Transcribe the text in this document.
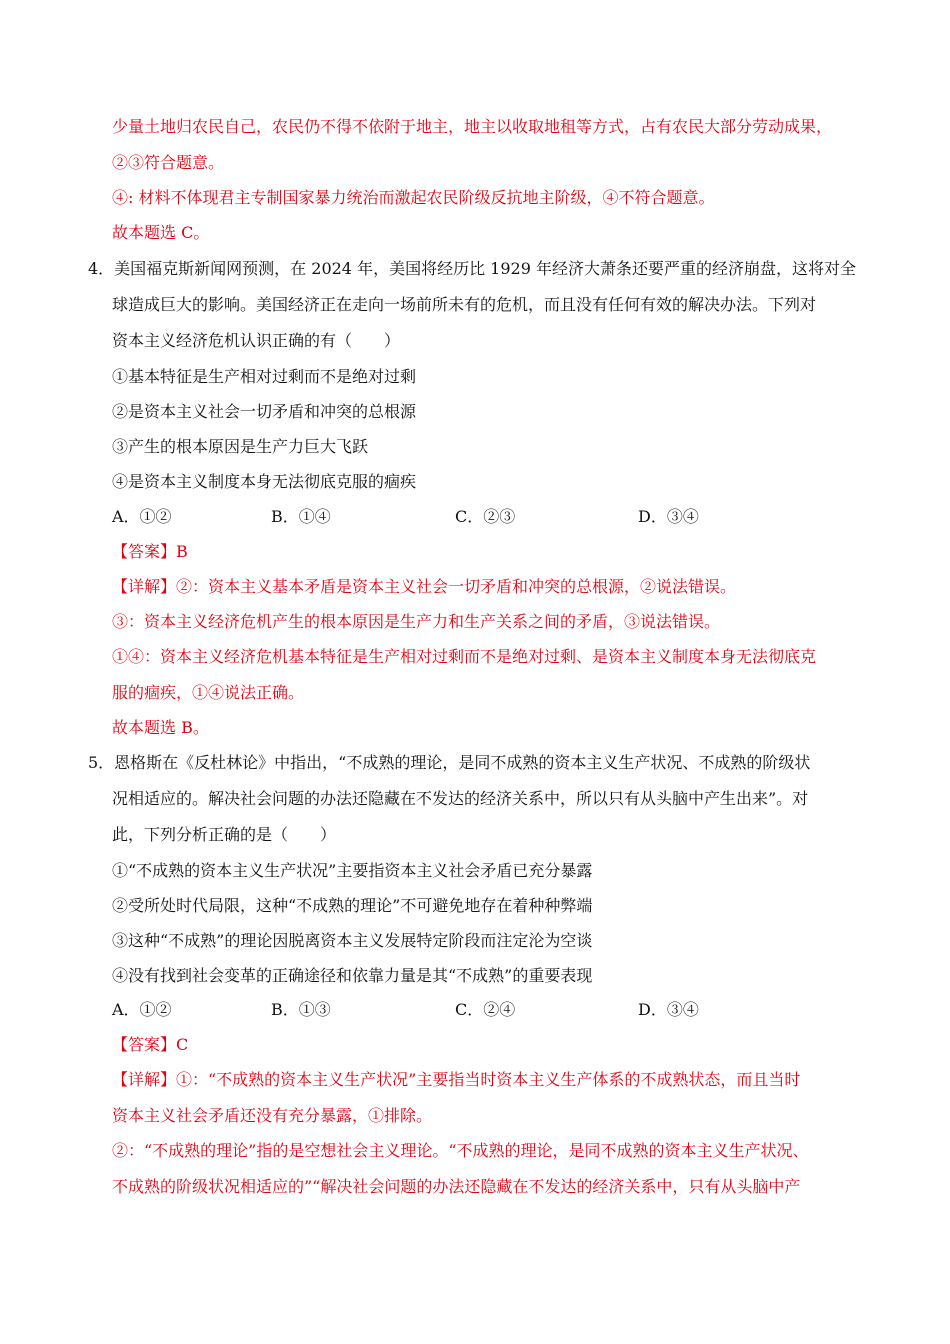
少量土地归农民自己，农民仍不得不依附于地主，地主以收取地租等方式，占有农民大部分劳动成果，
②③符合题意。
④: 材料不体现君主专制国家暴力统治而激起农民阶级反抗地主阶级，④不符合题意。
故本题选 C。
4．美国福克斯新闻网预测，在 2024 年，美国将经历比 1929 年经济大萧条还要严重的经济崩盘，这将对全
球造成巨大的影响。美国经济正在走向一场前所未有的危机，而且没有任何有效的解决办法。下列对
资本主义经济危机认识正确的有（　　）
①基本特征是生产相对过剩而不是绝对过剩
②是资本主义社会一切矛盾和冲突的总根源
③产生的根本原因是生产力巨大飞跃
④是资本主义制度本身无法彻底克服的痼疾
A．①②	B．①④	C．②③	D．③④
【答案】B
【详解】②：资本主义基本矛盾是资本主义社会一切矛盾和冲突的总根源，②说法错误。
③：资本主义经济危机产生的根本原因是生产力和生产关系之间的矛盾，③说法错误。
①④：资本主义经济危机基本特征是生产相对过剩而不是绝对过剩、是资本主义制度本身无法彻底克
服的痼疾，①④说法正确。
故本题选 B。
5．恩格斯在《反杜林论》中指出，“不成熟的理论，是同不成熟的资本主义生产状况、不成熟的阶级状
况相适应的。解决社会问题的办法还隐藏在不发达的经济关系中，所以只有从头脑中产生出来”。对
此，下列分析正确的是（　　）
①“不成熟的资本主义生产状况”主要指资本主义社会矛盾已充分暴露
②受所处时代局限，这种“不成熟的理论”不可避免地存在着种种弊端
③这种“不成熟”的理论因脱离资本主义发展特定阶段而注定沦为空谈
④没有找到社会变革的正确途径和依靠力量是其“不成熟”的重要表现
A．①②	B．①③	C．②④	D．③④
【答案】C
【详解】①：“不成熟的资本主义生产状况”主要指当时资本主义生产体系的不成熟状态，而且当时
资本主义社会矛盾还没有充分暴露，①排除。
②：“不成熟的理论”指的是空想社会主义理论。“不成熟的理论，是同不成熟的资本主义生产状况、
不成熟的阶级状况相适应的”“解决社会问题的办法还隐藏在不发达的经济关系中，只有从头脑中产
